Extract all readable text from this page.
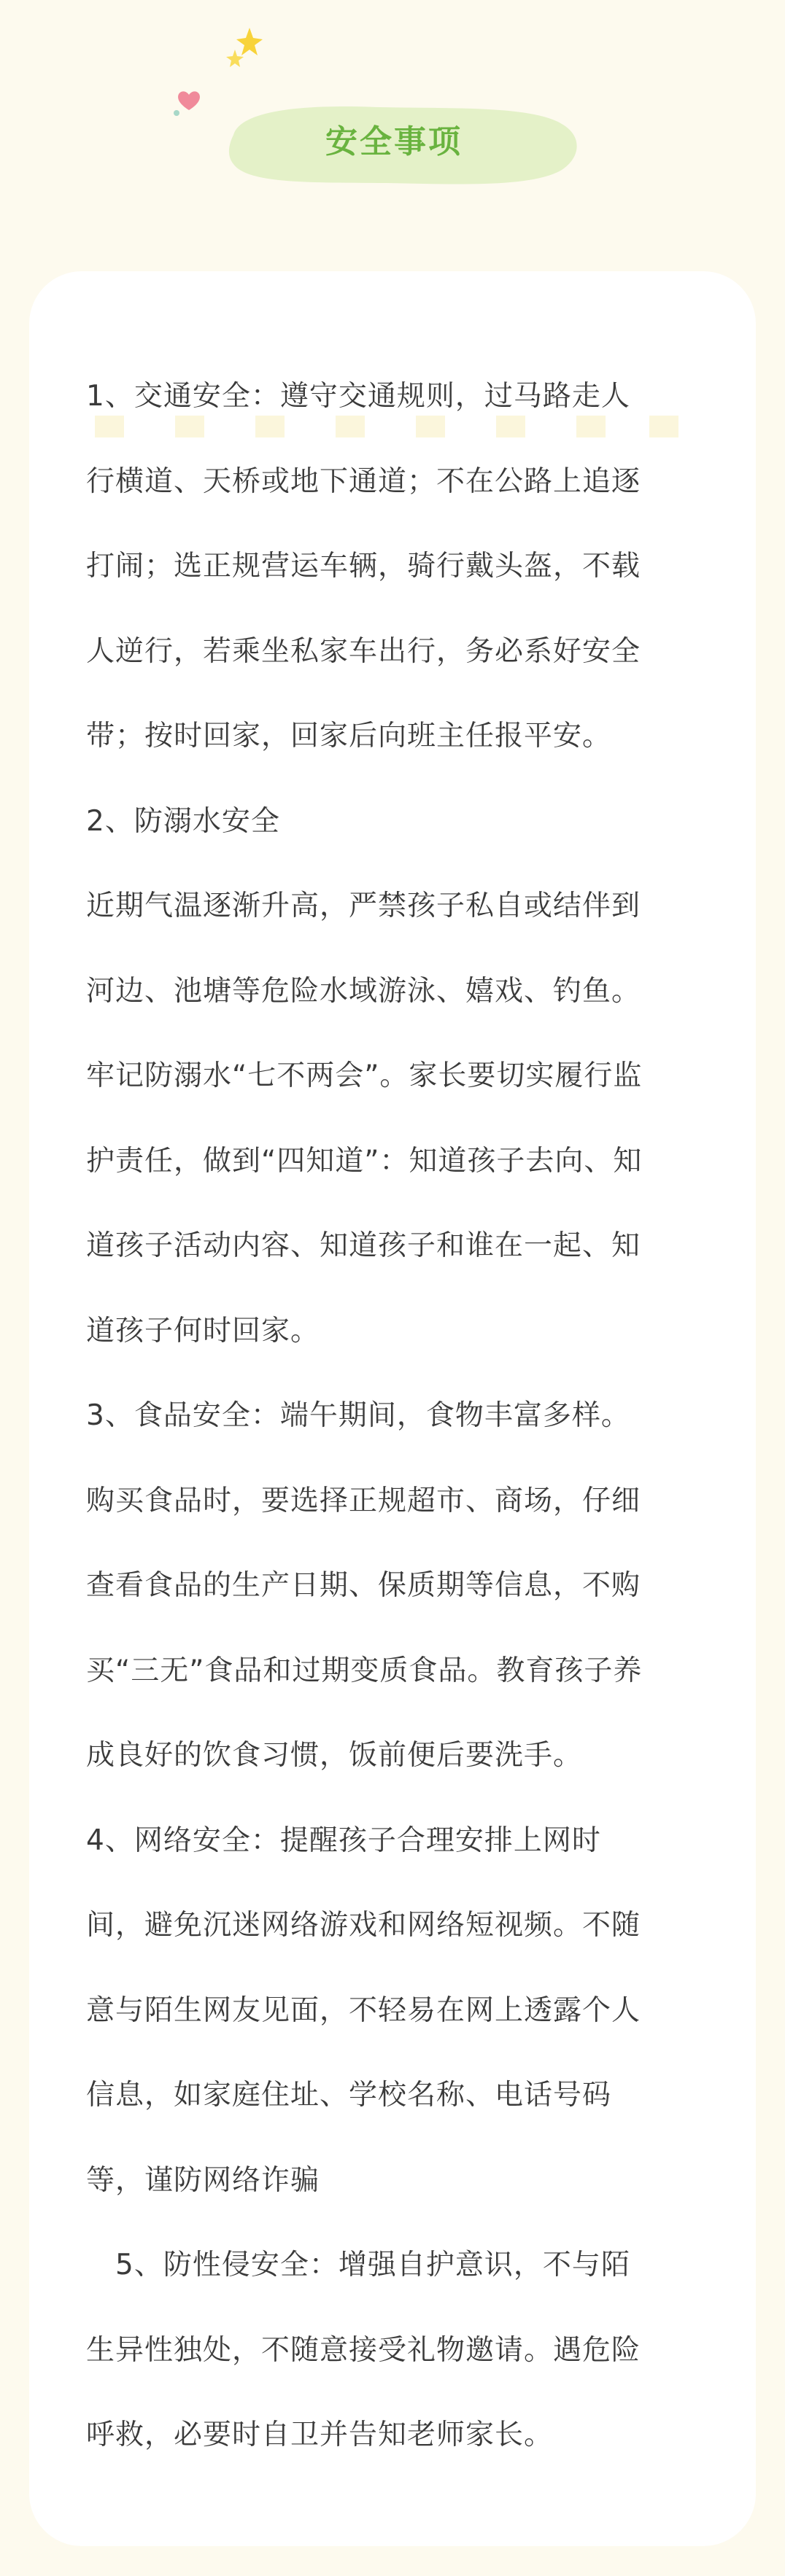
安全事项

1、交通安全：遵守交通规则，过马路走人

行横道、天桥或地下通道；不在公路上追逐

打闹；选正规营运车辆，骑行戴头盔，不载

人逆行，若乘坐私家车出行，务必系好安全

带；按时回家，回家后向班主任报平安。

2、防溺水安全

近期气温逐渐升高，严禁孩子私自或结伴到

河边、池塘等危险水域游泳、嬉戏、钓鱼。

牢记防溺水“七不两会”。家长要切实履行监

护责任，做到“四知道”：知道孩子去向、知

道孩子活动内容、知道孩子和谁在一起、知

道孩子何时回家。

3、食品安全：端午期间，食物丰富多样。

购买食品时，要选择正规超市、商场，仔细

查看食品的生产日期、保质期等信息，不购

买“三无”食品和过期变质食品。教育孩子养

成良好的饮食习惯，饭前便后要洗手。

4、网络安全：提醒孩子合理安排上网时

间，避免沉迷网络游戏和网络短视频。不随

意与陌生网友见面，不轻易在网上透露个人

信息，如家庭住址、学校名称、电话号码

等，谨防网络诈骗

　5、防性侵安全：增强自护意识，不与陌

生异性独处，不随意接受礼物邀请。遇危险

呼救，必要时自卫并告知老师家长。
